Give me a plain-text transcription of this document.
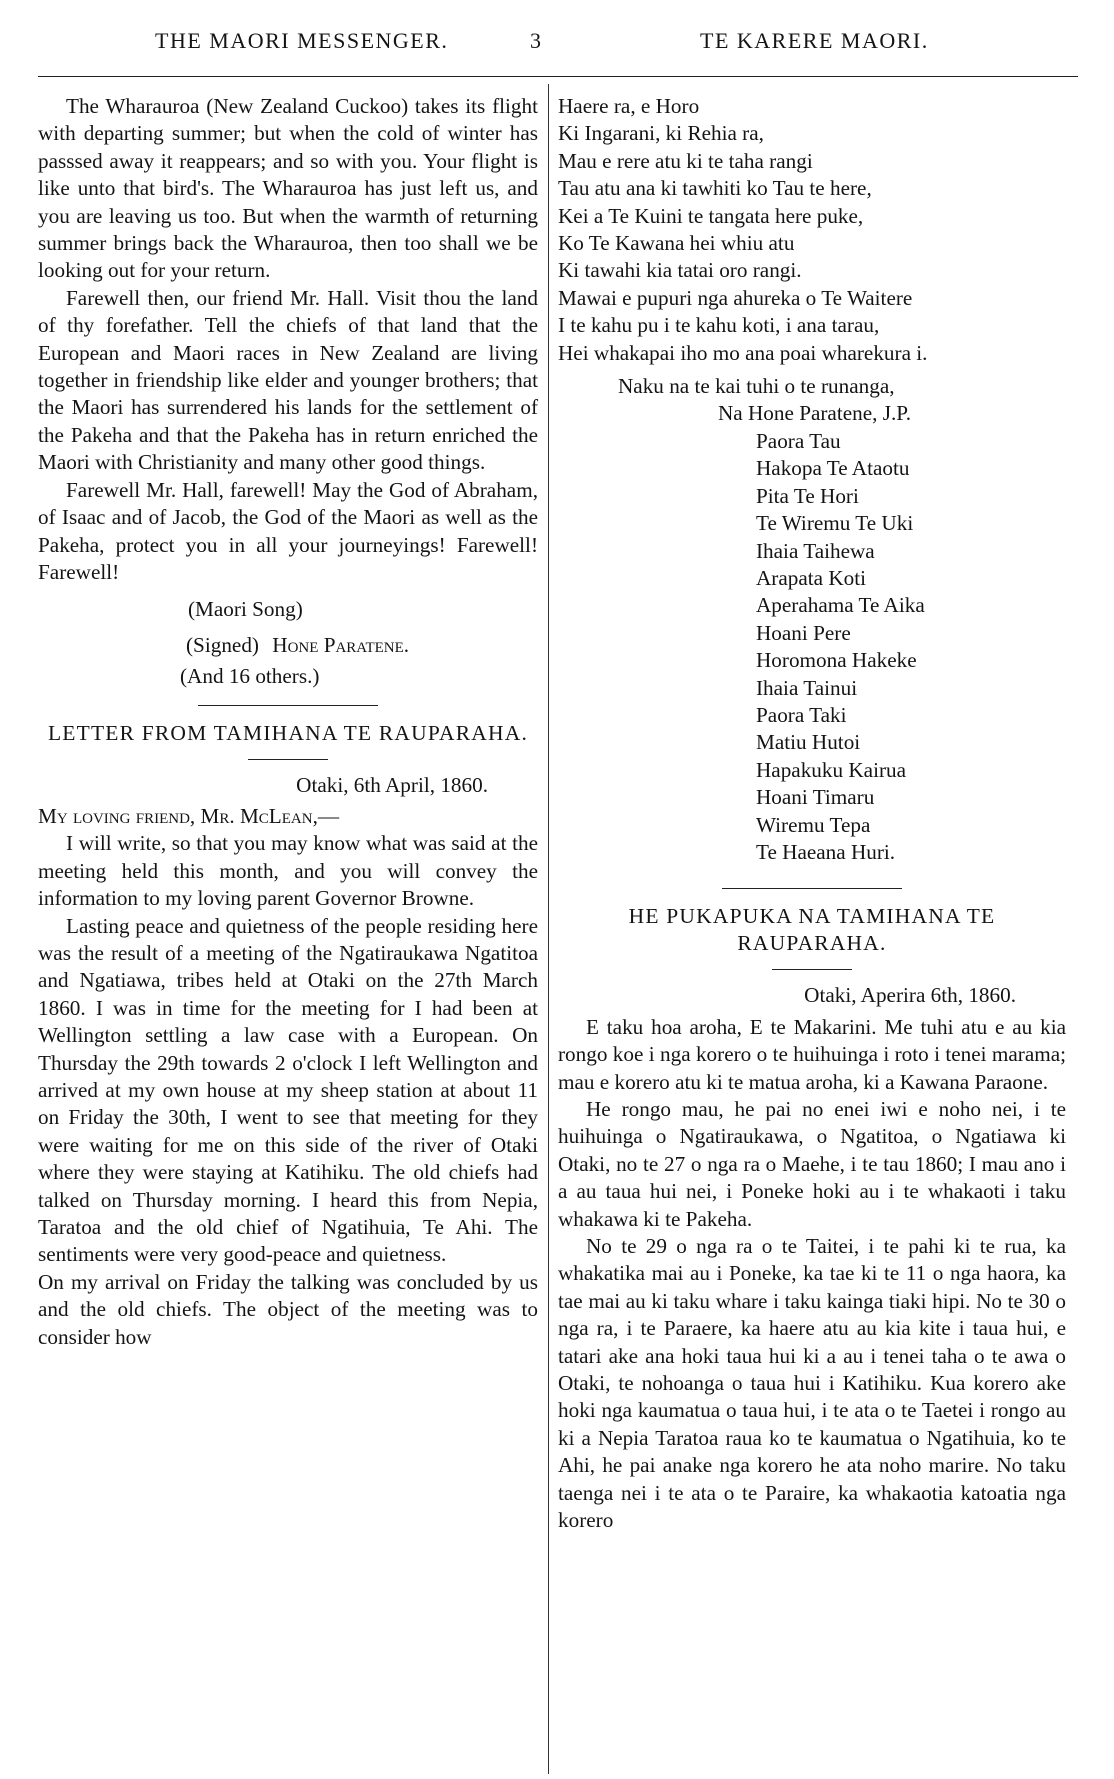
THE MAORI MESSENGER.	3	TE KARERE MAORI.

The Wharauroa (New Zealand Cuckoo) takes its flight with departing summer; but when the cold of winter has passsed away it reappears; and so with you. Your flight is like unto that bird's. The Wharauroa has just left us, and you are leaving us too. But when the warmth of returning summer brings back the Wharauroa, then too shall we be looking out for your return.

Farewell then, our friend Mr. Hall. Visit thou the land of thy forefather. Tell the chiefs of that land that the European and Maori races in New Zealand are living together in friendship like elder and younger brothers; that the Maori has surrendered his lands for the settlement of the Pakeha and that the Pakeha has in return enriched the Maori with Christianity and many other good things.

Farewell Mr. Hall, farewell! May the God of Abraham, of Isaac and of Jacob, the God of the Maori as well as the Pakeha, protect you in all your journeyings! Farewell! Farewell!

(Maori Song)

(Signed) Hone Paratene.

(And 16 others.)

LETTER FROM TAMIHANA TE RAUPARAHA.

Otaki, 6th April, 1860.

My loving friend, Mr. McLean,—

I will write, so that you may know what was said at the meeting held this month, and you will convey the information to my loving parent Governor Browne.

Lasting peace and quietness of the people residing here was the result of a meeting of the Ngatiraukawa Ngatitoa and Ngatiawa, tribes held at Otaki on the 27th March 1860. I was in time for the meeting for I had been at Wellington settling a law case with a European. On Thursday the 29th towards 2 o'clock I left Wellington and arrived at my own house at my sheep station at about 11 on Friday the 30th, I went to see that meeting for they were waiting for me on this side of the river of Otaki where they were staying at Katihiku. The old chiefs had talked on Thursday morning. I heard this from Nepia, Taratoa and the old chief of Ngatihuia, Te Ahi. The sentiments were very good-peace and quietness.

On my arrival on Friday the talking was concluded by us and the old chiefs. The object of the meeting was to consider how

Haere ra, e Horo

Ki Ingarani, ki Rehia ra,

Mau e rere atu ki te taha rangi

Tau atu ana ki tawhiti ko Tau te here,

Kei a Te Kuini te tangata here puke,

Ko Te Kawana hei whiu atu

Ki tawahi kia tatai oro rangi.

Mawai e pupuri nga ahureka o Te Waitere

I te kahu pu i te kahu koti, i ana tarau,

Hei whakapai iho mo ana poai wharekura i.

Naku na te kai tuhi o te runanga,

Na Hone Paratene, J.P.

Paora Tau

Hakopa Te Ataotu

Pita Te Hori

Te Wiremu Te Uki

Ihaia Taihewa

Arapata Koti

Aperahama Te Aika

Hoani Pere

Horomona Hakeke

Ihaia Tainui

Paora Taki

Matiu Hutoi

Hapakuku Kairua

Hoani Timaru

Wiremu Tepa

Te Haeana Huri.

HE PUKAPUKA NA TAMIHANA TE RAUPARAHA.

Otaki, Aperira 6th, 1860.

E taku hoa aroha, E te Makarini. Me tuhi atu e au kia rongo koe i nga korero o te huihuinga i roto i tenei marama; mau e korero atu ki te matua aroha, ki a Kawana Paraone.

He rongo mau, he pai no enei iwi e noho nei, i te huihuinga o Ngatiraukawa, o Ngatitoa, o Ngatiawa ki Otaki, no te 27 o nga ra o Maehe, i te tau 1860; I mau ano i a au taua hui nei, i Poneke hoki au i te whakaoti i taku whakawa ki te Pakeha.

No te 29 o nga ra o te Taitei, i te pahi ki te rua, ka whakatika mai au i Poneke, ka tae ki te 11 o nga haora, ka tae mai au ki taku whare i taku kainga tiaki hipi. No te 30 o nga ra, i te Paraere, ka haere atu au kia kite i taua hui, e tatari ake ana hoki taua hui ki a au i tenei taha o te awa o Otaki, te nohoanga o taua hui i Katihiku. Kua korero ake hoki nga kaumatua o taua hui, i te ata o te Taetei i rongo au ki a Nepia Taratoa raua ko te kaumatua o Ngatihuia, ko te Ahi, he pai anake nga korero he ata noho marire. No taku taenga nei i te ata o te Paraire, ka whakaotia katoatia nga korero
